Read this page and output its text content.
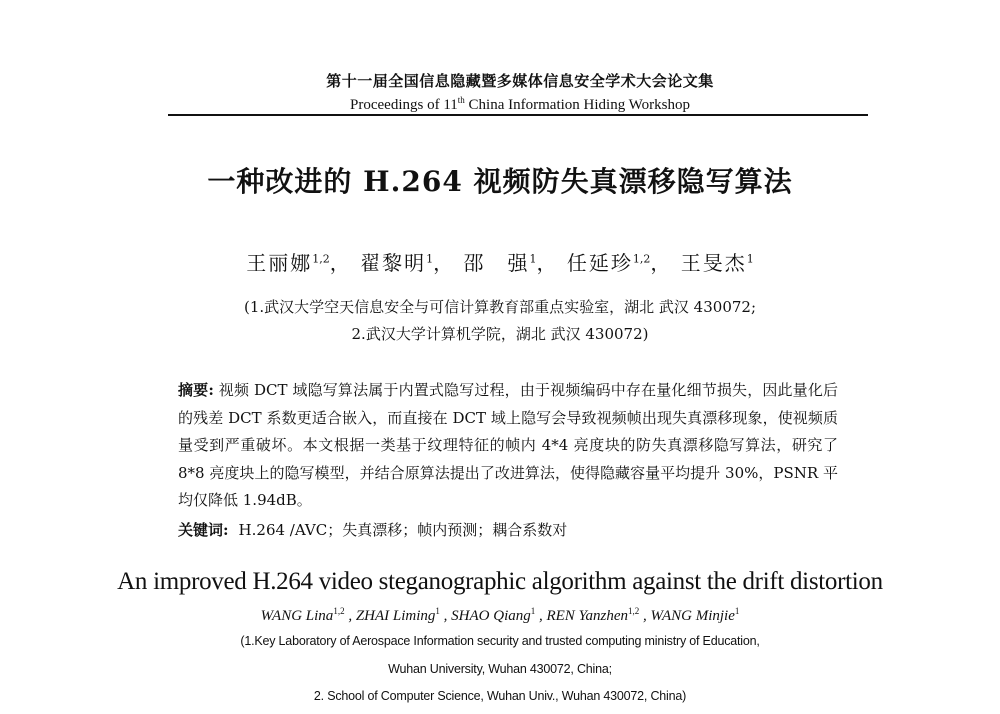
第十一届全国信息隐藏暨多媒体信息安全学术大会论文集
Proceedings of 11th China Information Hiding Workshop
一种改进的 H.264 视频防失真漂移隐写算法
王丽娜$^{1,2}$， 翟黎明$^1$， 邵　强$^1$， 任延珍$^{1,2}$， 王旻杰$^1$
(1.武汉大学空天信息安全与可信计算教育部重点实验室，湖北 武汉 430072;
2.武汉大学计算机学院，湖北 武汉 430072)
摘要: 视频 DCT 域隐写算法属于内置式隐写过程，由于视频编码中存在量化细节损失，因此量化后的残差 DCT 系数更适合嵌入，而直接在 DCT 域上隐写会导致视频帧出现失真漂移现象，使视频质量受到严重破坏。本文根据一类基于纹理特征的帧内 4*4 亮度块的防失真漂移隐写算法，研究了 8*8 亮度块上的隐写模型，并结合原算法提出了改进算法，使得隐藏容量平均提升 30%，PSNR 平均仅降低 1.94dB。
关键词: H.264 /AVC；失真漂移；帧内预测；耦合系数对
An improved H.264 video steganographic algorithm against the drift distortion
WANG Lina$^{1,2}$ , ZHAI Liming$^1$ , SHAO Qiang$^1$ , REN Yanzhen$^{1,2}$ , WANG Minjie$^1$
(1.Key Laboratory of Aerospace Information security and trusted computing ministry of Education,
Wuhan University, Wuhan 430072, China;
2. School of Computer Science, Wuhan Univ., Wuhan 430072, China)
